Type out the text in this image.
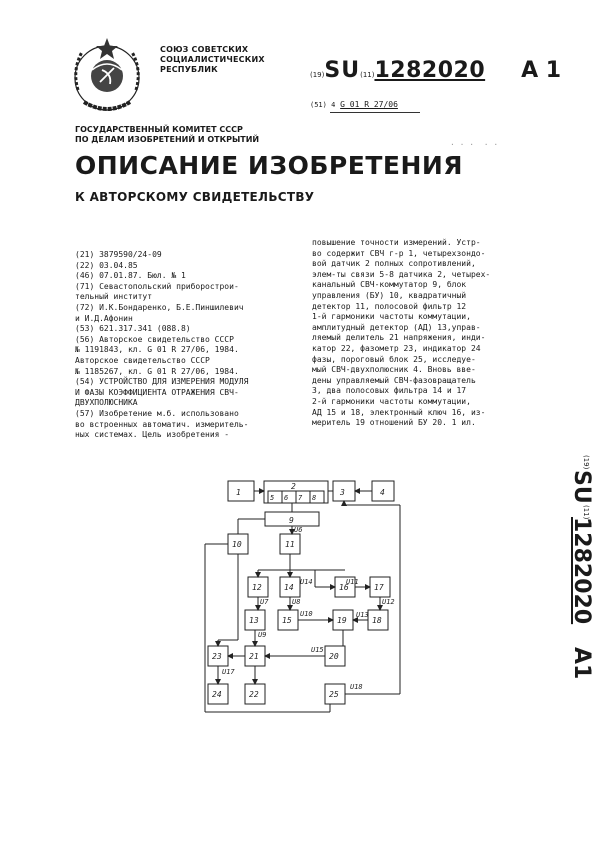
СОЮЗ СОВЕТСКИХ
СОЦИАЛИСТИЧЕСКИХ
РЕСПУБЛИК
(19)SU(11)1282020 A 1
(51) 4 G 01 R 27/06
· · ·  · ·
ГОСУДАРСТВЕННЫЙ КОМИТЕТ СССР
ПО ДЕЛАМ ИЗОБРЕТЕНИЙ И ОТКРЫТИЙ
ОПИСАНИЕ ИЗОБРЕТЕНИЯ
К АВТОРСКОМУ СВИДЕТЕЛЬСТВУ
(21) 3879590/24-09
(22) 03.04.85
(46) 07.01.87. Бюл. № 1
(71) Севастопольский приборострои-
тельный институт
(72) И.К.Бондаренко, Б.Е.Пиншилевич
и И.Д.Афонин
(53) 621.317.341 (088.8)
(56) Авторское свидетельство СССР
№ 1191843, кл. G 01 R 27/06, 1984.
Авторское свидетельство СССР
№ 1185267, кл. G 01 R 27/06, 1984.
(54) УСТРОЙСТВО ДЛЯ ИЗМЕРЕНИЯ МОДУЛЯ
И ФАЗЫ КОЭФФИЦИЕНТА ОТРАЖЕНИЯ СВЧ-
ДВУХПОЛЮСНИКА
(57) Изобретение м.б. использовано
во встроенных автоматич. измеритель-
ных системах. Цель изобретения -
повышение точности измерений. Устр-
во содержит СВЧ г-р 1, четырехзондо-
вой датчик 2 полных сопротивлений,
элем-ты связи 5-8 датчика 2, четырех-
канальный СВЧ-коммутатор 9, блок
управления (БУ) 10, квадратичный
детектор 11, полосовой фильтр 12
1-й гармоники частоты коммутации,
амплитудный детектор (АД) 13,управ-
ляемый делитель 21 напряжения, инди-
катор 22, фазометр 23, индикатор 24
фазы, пороговый блок 25, исследуе-
мый СВЧ-двухполюсник 4. Вновь вве-
дены управляемый СВЧ-фазовращатель
3, два полосовых фильтра 14 и 17
2-й гармоники частоты коммутации,
АД 15 и 18, электронный ключ 16, из-
меритель 19 отношений БУ 20. 1 ил.
(19)
SU
(11)
1282020
A1
1
2
3	4
5 6 7 8
9
10	11
12	14	16	17
13	15	19	18
23	21	20
24	22	25
U6
U7	U8
U9
U10
U11
U12
U13
U14
U15
U17
U18
